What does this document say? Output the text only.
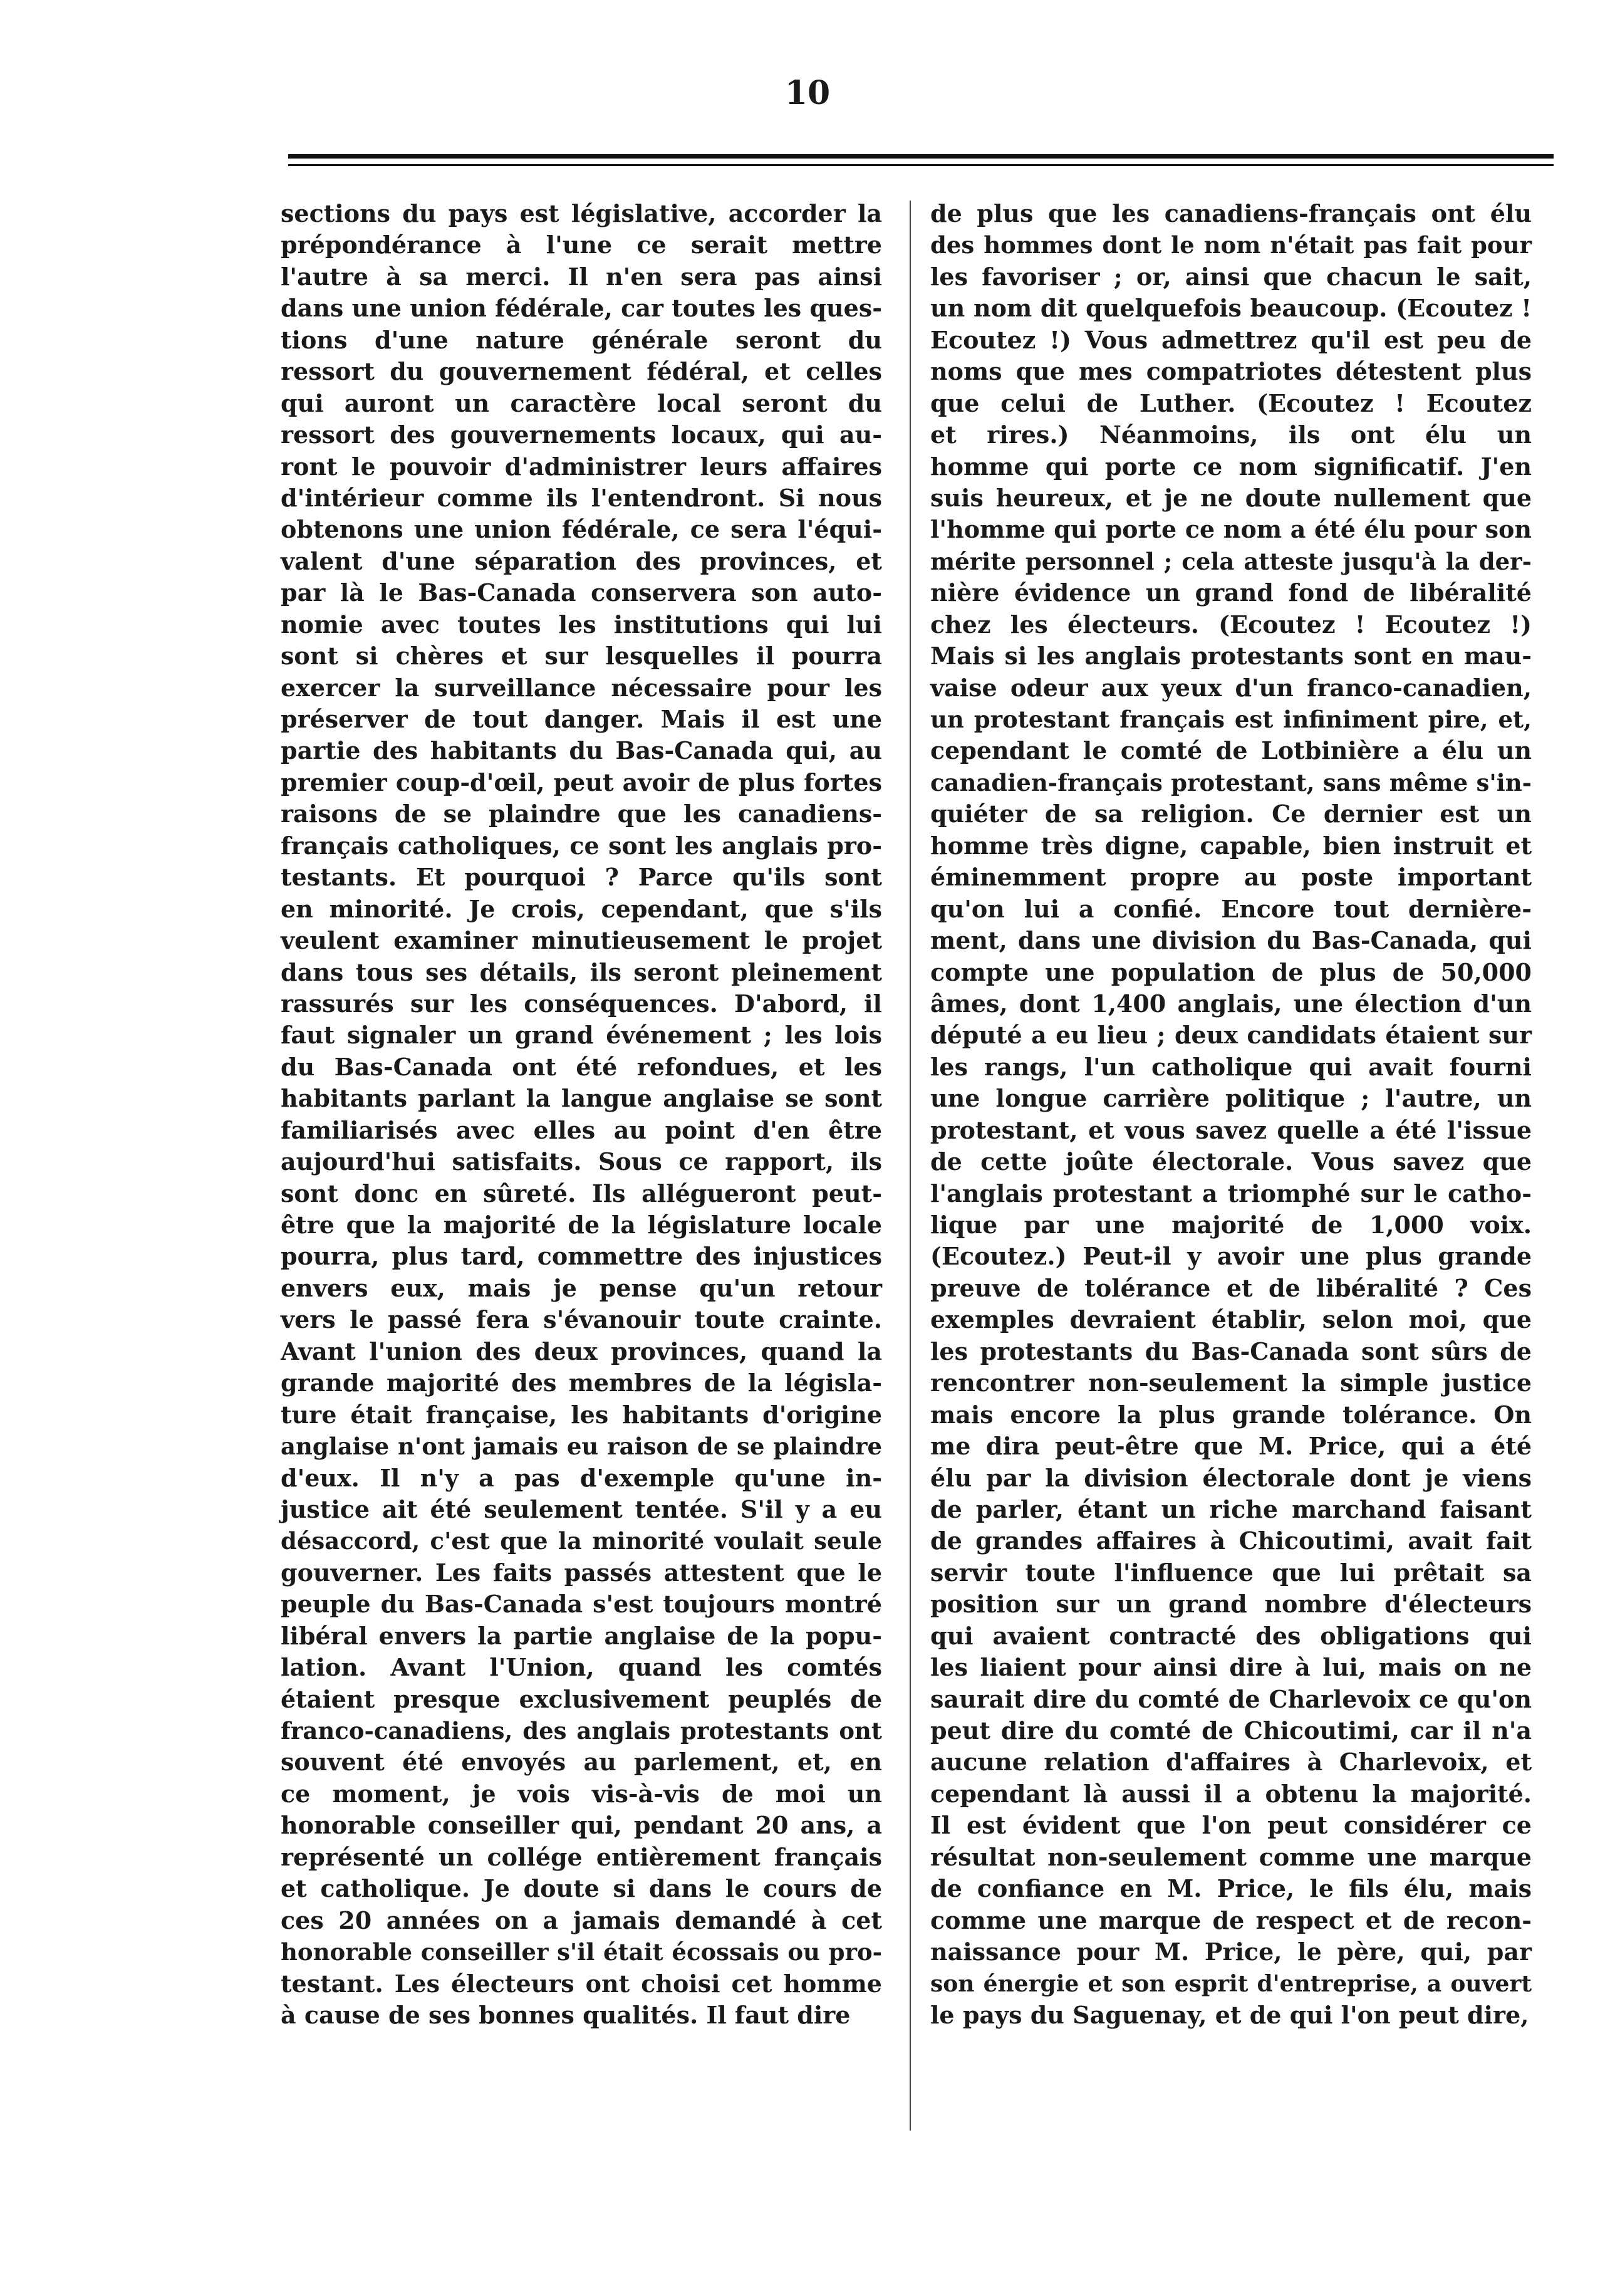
10
sections du pays est législative, accorder la
prépondérance à l'une ce serait mettre
l'autre à sa merci. Il n'en sera pas ainsi
dans une union fédérale, car toutes les ques-
tions d'une nature générale seront du
ressort du gouvernement fédéral, et celles
qui auront un caractère local seront du
ressort des gouvernements locaux, qui au-
ront le pouvoir d'administrer leurs affaires
d'intérieur comme ils l'entendront. Si nous
obtenons une union fédérale, ce sera l'équi-
valent d'une séparation des provinces, et
par là le Bas-Canada conservera son auto-
nomie avec toutes les institutions qui lui
sont si chères et sur lesquelles il pourra
exercer la surveillance nécessaire pour les
préserver de tout danger. Mais il est une
partie des habitants du Bas-Canada qui, au
premier coup-d'œil, peut avoir de plus fortes
raisons de se plaindre que les canadiens-
français catholiques, ce sont les anglais pro-
testants. Et pourquoi ? Parce qu'ils sont
en minorité. Je crois, cependant, que s'ils
veulent examiner minutieusement le projet
dans tous ses détails, ils seront pleinement
rassurés sur les conséquences. D'abord, il
faut signaler un grand événement ; les lois
du Bas-Canada ont été refondues, et les
habitants parlant la langue anglaise se sont
familiarisés avec elles au point d'en être
aujourd'hui satisfaits. Sous ce rapport, ils
sont donc en sûreté. Ils allégueront peut-
être que la majorité de la législature locale
pourra, plus tard, commettre des injustices
envers eux, mais je pense qu'un retour
vers le passé fera s'évanouir toute crainte.
Avant l'union des deux provinces, quand la
grande majorité des membres de la législa-
ture était française, les habitants d'origine
anglaise n'ont jamais eu raison de se plaindre
d'eux. Il n'y a pas d'exemple qu'une in-
justice ait été seulement tentée. S'il y a eu
désaccord, c'est que la minorité voulait seule
gouverner. Les faits passés attestent que le
peuple du Bas-Canada s'est toujours montré
libéral envers la partie anglaise de la popu-
lation. Avant l'Union, quand les comtés
étaient presque exclusivement peuplés de
franco-canadiens, des anglais protestants ont
souvent été envoyés au parlement, et, en
ce moment, je vois vis-à-vis de moi un
honorable conseiller qui, pendant 20 ans, a
représenté un collége entièrement français
et catholique. Je doute si dans le cours de
ces 20 années on a jamais demandé à cet
honorable conseiller s'il était écossais ou pro-
testant. Les électeurs ont choisi cet homme
à cause de ses bonnes qualités. Il faut dire
de plus que les canadiens-français ont élu
des hommes dont le nom n'était pas fait pour
les favoriser ; or, ainsi que chacun le sait,
un nom dit quelquefois beaucoup. (Ecoutez !
Ecoutez !) Vous admettrez qu'il est peu de
noms que mes compatriotes détestent plus
que celui de Luther. (Ecoutez ! Ecoutez
et rires.) Néanmoins, ils ont élu un
homme qui porte ce nom significatif. J'en
suis heureux, et je ne doute nullement que
l'homme qui porte ce nom a été élu pour son
mérite personnel ; cela atteste jusqu'à la der-
nière évidence un grand fond de libéralité
chez les électeurs. (Ecoutez ! Ecoutez !)
Mais si les anglais protestants sont en mau-
vaise odeur aux yeux d'un franco-canadien,
un protestant français est infiniment pire, et,
cependant le comté de Lotbinière a élu un
canadien-français protestant, sans même s'in-
quiéter de sa religion. Ce dernier est un
homme très digne, capable, bien instruit et
éminemment propre au poste important
qu'on lui a confié. Encore tout dernière-
ment, dans une division du Bas-Canada, qui
compte une population de plus de 50,000
âmes, dont 1,400 anglais, une élection d'un
député a eu lieu ; deux candidats étaient sur
les rangs, l'un catholique qui avait fourni
une longue carrière politique ; l'autre, un
protestant, et vous savez quelle a été l'issue
de cette joûte électorale. Vous savez que
l'anglais protestant a triomphé sur le catho-
lique par une majorité de 1,000 voix.
(Ecoutez.) Peut-il y avoir une plus grande
preuve de tolérance et de libéralité ? Ces
exemples devraient établir, selon moi, que
les protestants du Bas-Canada sont sûrs de
rencontrer non-seulement la simple justice
mais encore la plus grande tolérance. On
me dira peut-être que M. Price, qui a été
élu par la division électorale dont je viens
de parler, étant un riche marchand faisant
de grandes affaires à Chicoutimi, avait fait
servir toute l'influence que lui prêtait sa
position sur un grand nombre d'électeurs
qui avaient contracté des obligations qui
les liaient pour ainsi dire à lui, mais on ne
saurait dire du comté de Charlevoix ce qu'on
peut dire du comté de Chicoutimi, car il n'a
aucune relation d'affaires à Charlevoix, et
cependant là aussi il a obtenu la majorité.
Il est évident que l'on peut considérer ce
résultat non-seulement comme une marque
de confiance en M. Price, le fils élu, mais
comme une marque de respect et de recon-
naissance pour M. Price, le père, qui, par
son énergie et son esprit d'entreprise, a ouvert
le pays du Saguenay, et de qui l'on peut dire,
